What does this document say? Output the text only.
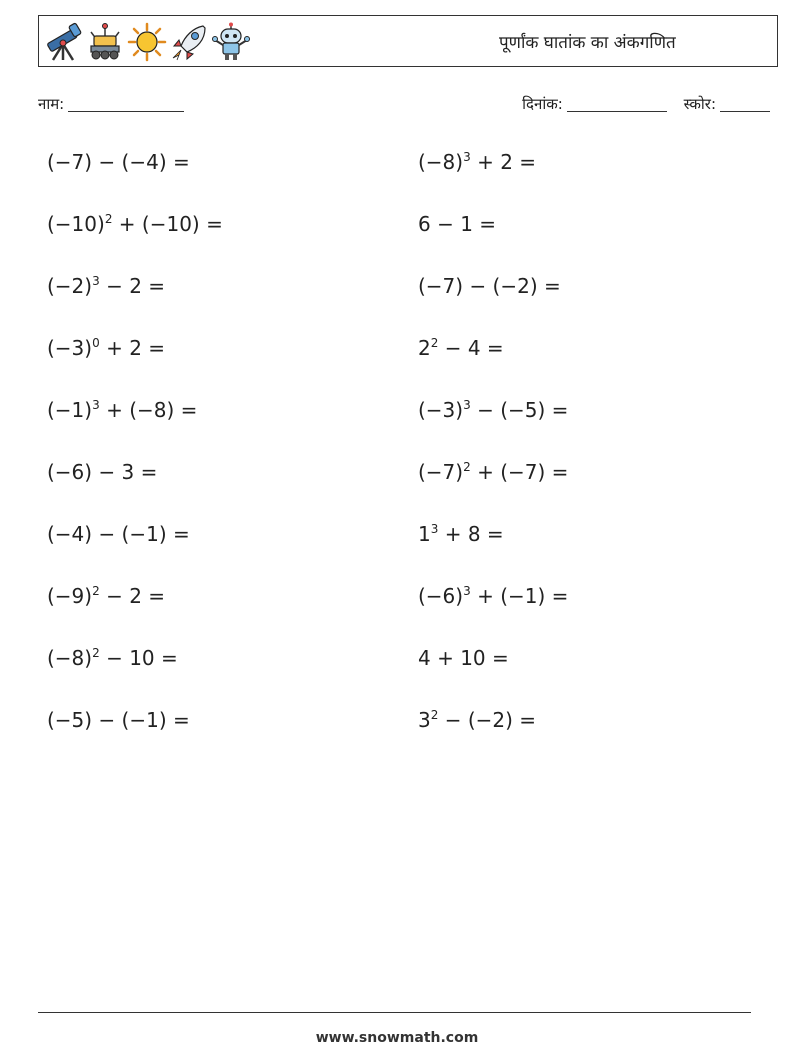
पूर्णांक घातांक का अंकगणित
नाम:	दिनांक:	स्कोर:
(−7) − (−4) =
$(-10)^2 + (-10)$ =
$(-2)^3 - 2$ =
$(-3)^0 + 2$ =
$(-1)^3 + (-8)$ =
(−6) − 3 =
(−4) − (−1) =
$(-9)^2 - 2$ =
$(-8)^2 - 10$ =
(−5) − (−1) =
$(-8)^3 + 2$ =
6 − 1 =
(−7) − (−2) =
$2^2 - 4$ =
$(-3)^3 - (-5)$ =
$(-7)^2 + (-7)$ =
$1^3 + 8$ =
$(-6)^3 + (-1)$ =
4 + 10 =
$3^2 - (-2)$ =
www.snowmath.com
